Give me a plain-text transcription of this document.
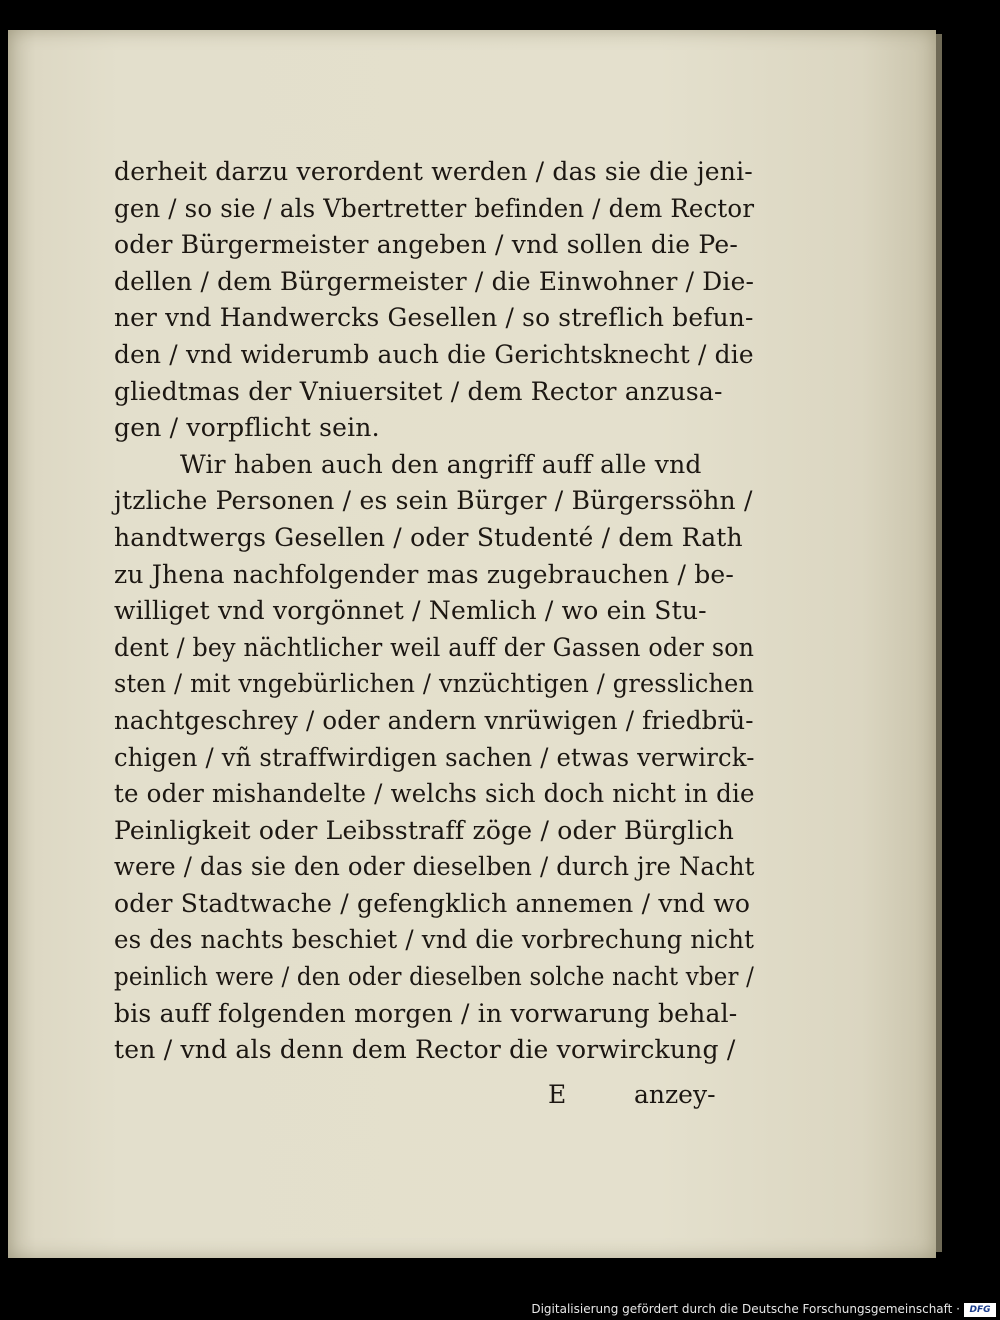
derheit darzu verordent werden / das sie die jeni-
gen / so sie / als Vbertretter befinden / dem Rector
oder Bürgermeister angeben / vnd sollen die Pe-
dellen / dem Bürgermeister / die Einwohner / Die-
ner vnd Handwercks Gesellen / so streflich befun-
den / vnd widerumb auch die Gerichtsknecht / die
gliedtmas der Vniuersitet / dem Rector anzusa-
gen / vorpflicht sein.
Wir haben auch den angriff auff alle vnd
jtzliche Personen / es sein Bürger / Bürgerssöhn /
handtwergs Gesellen / oder Studenté / dem Rath
zu Jhena nachfolgender mas zugebrauchen / be-
williget vnd vorgönnet / Nemlich / wo ein Stu-
dent / bey nächtlicher weil auff der Gassen oder son
sten / mit vngebürlichen / vnzüchtigen / gresslichen
nachtgeschrey / oder andern vnrüwigen / friedbrü-
chigen / vñ straffwirdigen sachen / etwas verwirck-
te oder mishandelte / welchs sich doch nicht in die
Peinligkeit oder Leibsstraff zöge / oder Bürglich
were / das sie den oder dieselben / durch jre Nacht
oder Stadtwache / gefengklich annemen / vnd wo
es des nachts beschiet / vnd die vorbrechung nicht
peinlich were / den oder dieselben solche nacht vber /
bis auff folgenden morgen / in vorwarung behal-
ten / vnd als denn dem Rector die vorwirckung /
E	anzey-
Digitalisierung gefördert durch die Deutsche Forschungsgemeinschaft ·	DFG
